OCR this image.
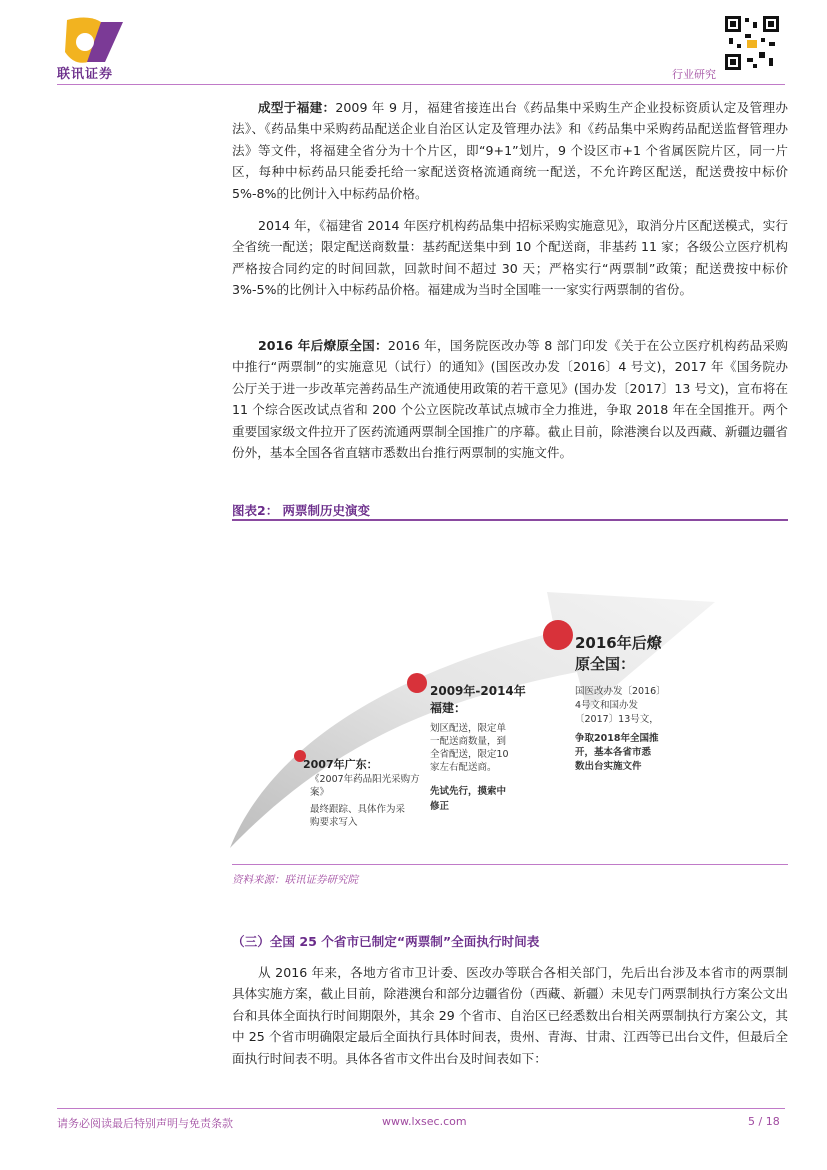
联讯证券	行业研究
成型于福建：2009 年 9 月，福建省接连出台《药品集中采购生产企业投标资质认定及管理办法》、《药品集中采购药品配送企业自治区认定及管理办法》和《药品集中采购药品配送监督管理办法》等文件，将福建全省分为十个片区，即“9+1”划片，9 个设区市+1 个省属医院片区，同一片区，每种中标药品只能委托给一家配送资格流通商统一配送，不允许跨区配送，配送费按中标价 5%-8%的比例计入中标药品价格。
2014 年，《福建省 2014 年医疗机构药品集中招标采购实施意见》，取消分片区配送模式，实行全省统一配送；限定配送商数量：基药配送集中到 10 个配送商，非基药 11 家；各级公立医疗机构严格按合同约定的时间回款，回款时间不超过 30 天；严格实行“两票制”政策；配送费按中标价 3%-5%的比例计入中标药品价格。福建成为当时全国唯一一家实行两票制的省份。
2016 年后燎原全国：2016 年，国务院医改办等 8 部门印发《关于在公立医疗机构药品采购中推行“两票制”的实施意见（试行）的通知》(国医改办发〔2016〕4 号文)，2017 年《国务院办公厅关于进一步改革完善药品生产流通使用政策的若干意见》(国办发〔2017〕13 号文)，宣布将在 11 个综合医改试点省和 200 个公立医院改革试点城市全力推进，争取 2018 年在全国推开。两个重要国家级文件拉开了医药流通两票制全国推广的序幕。截止目前，除港澳台以及西藏、新疆边疆省份外，基本全国各省直辖市悉数出台推行两票制的实施文件。
图表2： 两票制历史演变
2007年广东：
《2007年药品阳光采购方案》
最终跟踪、具体作为采
购要求写入
2009年-2014年
福建：
划区配送，限定单
一配送商数量，到
全省配送，限定10
家左右配送商。
先试先行，摸索中
修正
2016年后燎
原全国：
国医改办发〔2016〕
4号文和国办发
〔2017〕13号文，
争取2018年全国推
开，基本各省市悉
数出台实施文件
资料来源：联讯证券研究院
（三）全国 25 个省市已制定“两票制”全面执行时间表
从 2016 年来，各地方省市卫计委、医改办等联合各相关部门，先后出台涉及本省市的两票制具体实施方案，截止目前，除港澳台和部分边疆省份（西藏、新疆）未见专门两票制执行方案公文出台和具体全面执行时间期限外，其余 29 个省市、自治区已经悉数出台相关两票制执行方案公文，其中 25 个省市明确限定最后全面执行具体时间表，贵州、青海、甘肃、江西等已出台文件，但最后全面执行时间表不明。具体各省市文件出台及时间表如下：
请务必阅读最后特别声明与免责条款	www.lxsec.com	5 / 18
